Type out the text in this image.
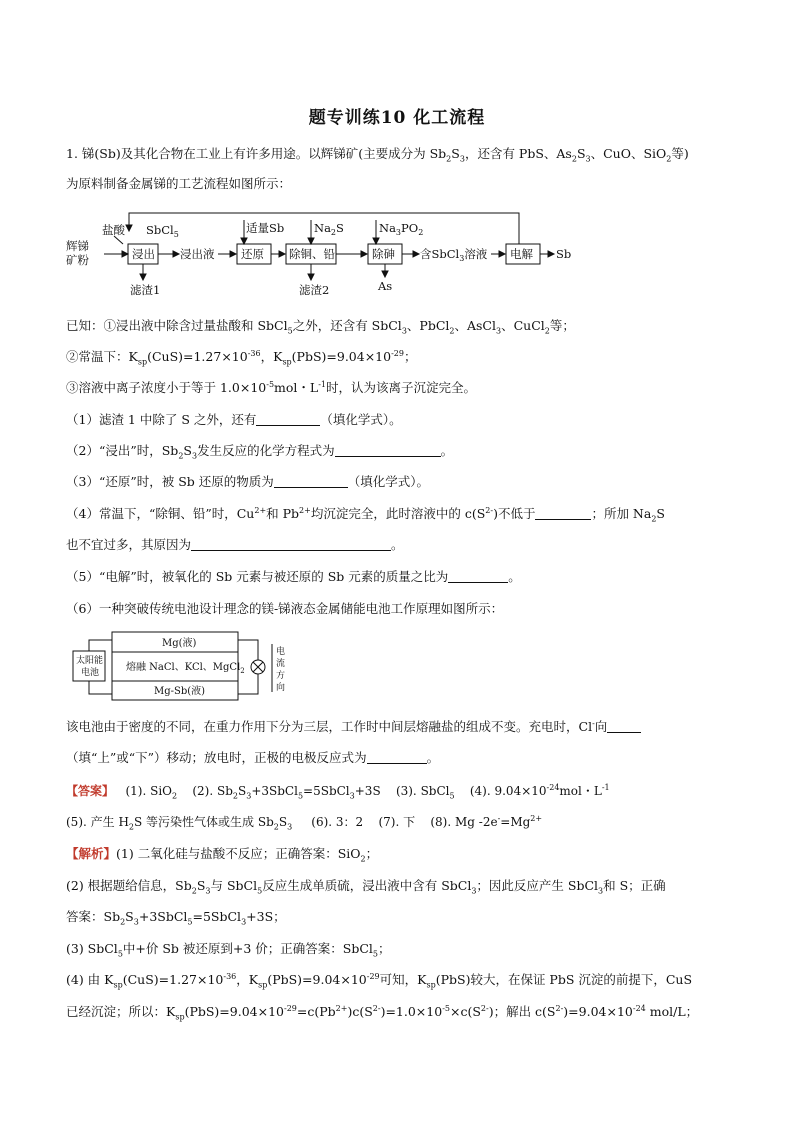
题专训练10 化工流程
1. 锑(Sb)及其化合物在工业上有许多用途。以辉锑矿(主要成分为 $Sb_2S_3$，还含有 PbS、$As_2S_3$、CuO、SiO$_2$等)
为原料制备金属锑的工艺流程如图所示：
辉锑
矿粉
盐酸 SbCl$_5$
浸出 浸出液
适量Sb
还原
$Na_2S$
除铜、铅
$Na_3PO_2$
除砷 含SbCl$_3$溶液 电解 Sb
滤渣1	滤渣2	As
已知：①浸出液中除含过量盐酸和 SbCl$_5$之外，还含有 SbCl$_3$、PbCl$_2$、AsCl$_3$、CuCl$_2$等；
②常温下：$K_{sp}(CuS)=1.27\times 10^{-36}$，$K_{sp}(PbS)=9.04\times 10^{-29}$；
③溶液中离子浓度小于等于 $1.0\times 10^{-5}mol$・$L^{-1}$时，认为该离子沉淀完全。
（1）滤渣 1 中除了 S 之外，还有	（填化学式）。
（2）“浸出”时，$Sb_2S_3$发生反应的化学方程式为	。
（3）“还原”时，被 Sb 还原的物质为	（填化学式）。
（4）常温下，“除铜、铅”时，$Cu^{2+}$和 $Pb^{2+}$均沉淀完全，此时溶液中的 $c(S^{2-})$不低于	；所加 $Na_2S$
也不宜过多，其原因为	。
（5）“电解”时，被氧化的 Sb 元素与被还原的 Sb 元素的质量之比为	。
（6）一种突破传统电池设计理念的镁-锑液态金属储能电池工作原理如图所示：
太阳能
电池
Mg(液)
熔融 NaCl、KCl、MgCl$_2$
Mg-Sb(液)
电
流
方
向
该电池由于密度的不同，在重力作用下分为三层，工作时中间层熔融盐的组成不变。充电时，Cl-向
（填“上”或“下”）移动；放电时，正极的电极反应式为	。
【答案】 (1). SiO$_2$ (2). $Sb_2S_3+3SbCl_5=5SbCl_3+3S$ (3). SbCl$_5$ (4). $9.04\times 10^{-24}mol$・$L^{-1}$
(5). 产生 $H_2S$ 等污染性气体或生成 $Sb_2S_3$ (6). 3：2 (7). 下 (8). Mg $-2e^-=Mg^{2+}$
【解析】(1) 二氧化硅与盐酸不反应；正确答案：SiO$_2$；
(2) 根据题给信息，$Sb_2S_3$与 SbCl$_5$反应生成单质硫，浸出液中含有 SbCl$_3$；因此反应产生 SbCl$_3$和 S；正确
答案：$Sb_2S_3+3SbCl_5=5SbCl_3+3S$；
(3) SbCl$_5$中+价 Sb 被还原到+3 价；正确答案：SbCl$_5$；
(4) 由 $K_{sp}(CuS)=1.27\times 10^{-36}$，$K_{sp}(PbS)=9.04\times 10^{-29}$可知，$K_{sp}(PbS)$较大，在保证 PbS 沉淀的前提下，CuS
已经沉淀；所以：$K_{sp}(PbS)=9.04\times 10^{-29}=c(Pb^{2+})c(S^{2-})=1.0\times 10^{-5}\times c(S^{2-})$；解出 $c(S^{2-})=9.04\times 10^{-24}$ mol/L；
